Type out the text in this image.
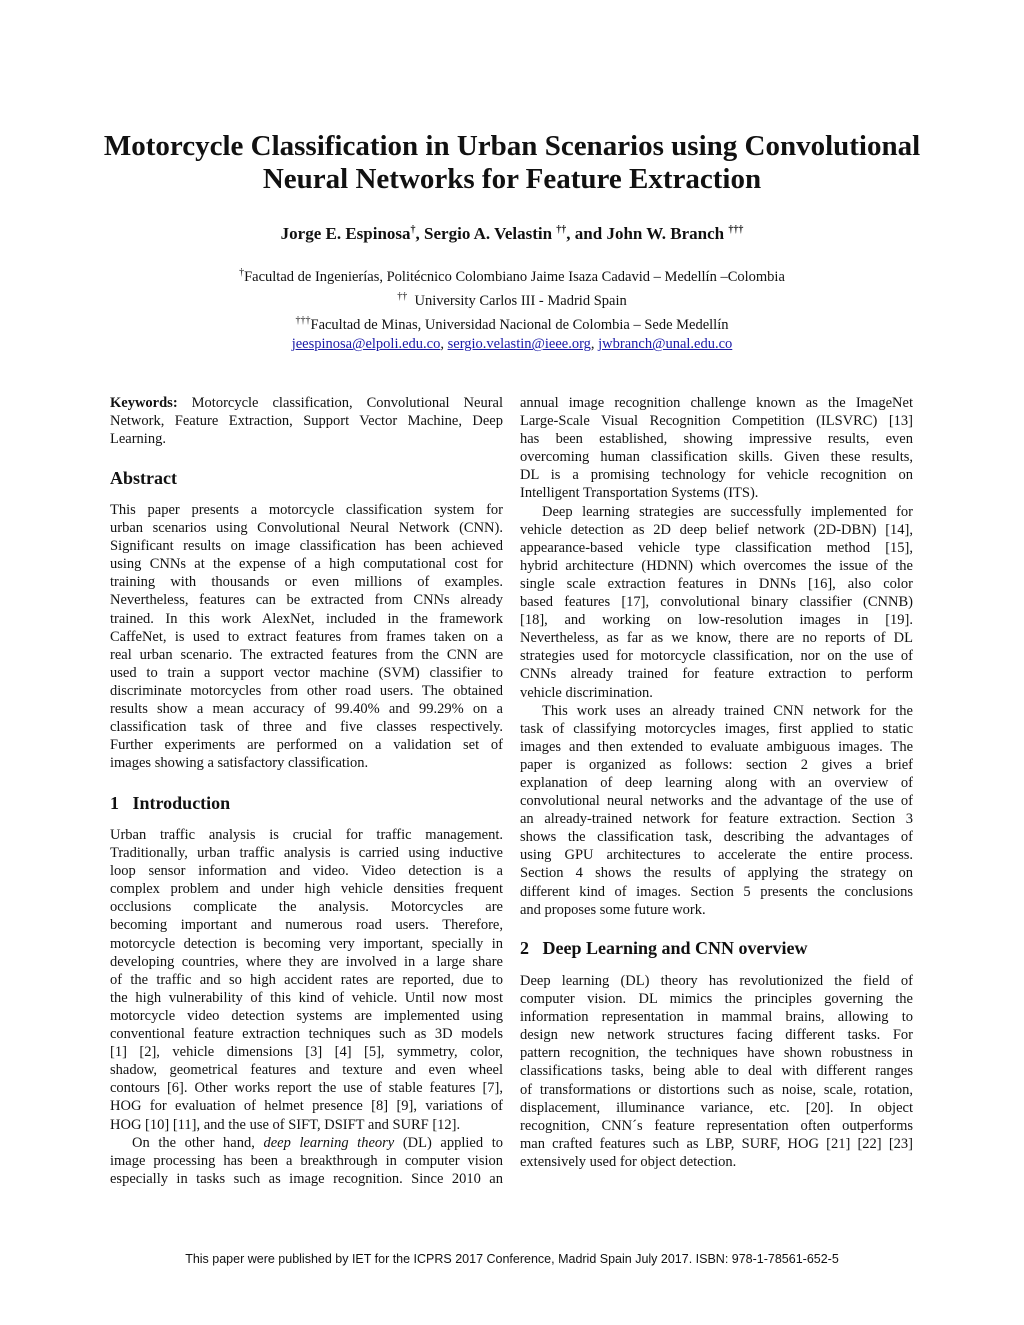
Motorcycle Classification in Urban Scenarios using Convolutional
Neural Networks for Feature Extraction
Jorge E. Espinosa†, Sergio A. Velastin ††, and John W. Branch †††
†Facultad de Ingenierías, Politécnico Colombiano Jaime Isaza Cadavid – Medellín –Colombia
††  University Carlos III - Madrid Spain
†††Facultad de Minas, Universidad Nacional de Colombia – Sede Medellín
jeespinosa@elpoli.edu.co, sergio.velastin@ieee.org, jwbranch@unal.edu.co
Keywords: Motorcycle classification, Convolutional Neural
Network, Feature Extraction, Support Vector Machine, Deep
Learning.
Abstract
This paper presents a motorcycle classification system for
urban scenarios using Convolutional Neural Network (CNN).
Significant results on image classification has been achieved
using CNNs at the expense of a high computational cost for
training with thousands or even millions of examples.
Nevertheless, features can be extracted from CNNs already
trained. In this work AlexNet, included in the framework
CaffeNet, is used to extract features from frames taken on a
real urban scenario. The extracted features from the CNN are
used to train a support vector machine (SVM) classifier to
discriminate motorcycles from other road users. The obtained
results show a mean accuracy of 99.40% and 99.29% on a
classification task of three and five classes respectively.
Further experiments are performed on a validation set of
images showing a satisfactory classification.
1   Introduction
Urban traffic analysis is crucial for traffic management.
Traditionally, urban traffic analysis is carried using inductive
loop sensor information and video. Video detection is a
complex problem and under high vehicle densities frequent
occlusions complicate the analysis. Motorcycles are
becoming important and numerous road users. Therefore,
motorcycle detection is becoming very important, specially in
developing countries, where they are involved in a large share
of the traffic and so high accident rates are reported, due to
the high vulnerability of this kind of vehicle. Until now most
motorcycle video detection systems are implemented using
conventional feature extraction techniques such as 3D models
[1] [2], vehicle dimensions [3] [4] [5], symmetry, color,
shadow, geometrical features and texture and even wheel
contours [6]. Other works report the use of stable features [7],
HOG for evaluation of helmet presence [8] [9], variations of
HOG [10] [11], and the use of SIFT, DSIFT and SURF [12].
On the other hand, deep learning theory (DL) applied to
image processing has been a breakthrough in computer vision
especially in tasks such as image recognition. Since 2010 an
annual image recognition challenge known as the ImageNet
Large-Scale Visual Recognition Competition (ILSVRC) [13]
has been established, showing impressive results, even
overcoming human classification skills. Given these results,
DL is a promising technology for vehicle recognition on
Intelligent Transportation Systems (ITS).
Deep learning strategies are successfully implemented for
vehicle detection as 2D deep belief network (2D-DBN) [14],
appearance-based vehicle type classification method [15],
hybrid architecture (HDNN) which overcomes the issue of the
single scale extraction features in DNNs [16], also color
based features [17], convolutional binary classifier (CNNB)
[18], and working on low-resolution images in [19].
Nevertheless, as far as we know, there are no reports of DL
strategies used for motorcycle classification, nor on the use of
CNNs already trained for feature extraction to perform
vehicle discrimination.
This work uses an already trained CNN network for the
task of classifying motorcycles images, first applied to static
images and then extended to evaluate ambiguous images. The
paper is organized as follows: section 2 gives a brief
explanation of deep learning along with an overview of
convolutional neural networks and the advantage of the use of
an already-trained network for feature extraction. Section 3
shows the classification task, describing the advantages of
using GPU architectures to accelerate the entire process.
Section 4 shows the results of applying the strategy on
different kind of images. Section 5 presents the conclusions
and proposes some future work.
2   Deep Learning and CNN overview
Deep learning (DL) theory has revolutionized the field of
computer vision. DL mimics the principles governing the
information representation in mammal brains, allowing to
design new network structures facing different tasks. For
pattern recognition, the techniques have shown robustness in
classifications tasks, being able to deal with different ranges
of transformations or distortions such as noise, scale, rotation,
displacement, illuminance variance, etc. [20]. In object
recognition, CNN´s feature representation often outperforms
man crafted features such as LBP, SURF, HOG [21] [22] [23]
extensively used for object detection.
This paper were published by IET for the ICPRS 2017 Conference, Madrid Spain July 2017. ISBN: 978-1-78561-652-5
